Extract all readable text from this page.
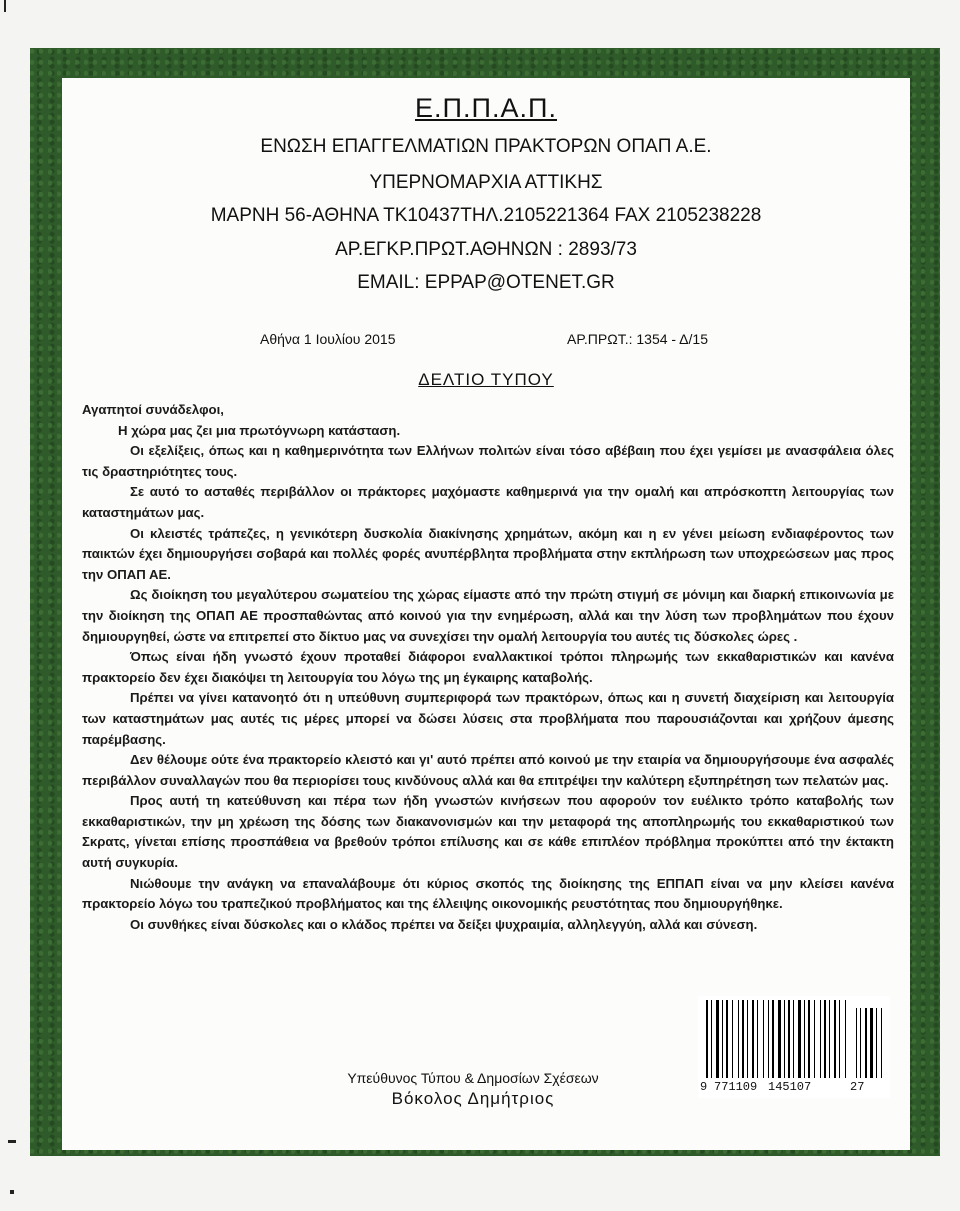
Ε.Π.Π.Α.Π.
ΕΝΩΣΗ ΕΠΑΓΓΕΛΜΑΤΙΩΝ ΠΡΑΚΤΟΡΩΝ ΟΠΑΠ Α.Ε.
ΥΠΕΡΝΟΜΑΡΧΙΑ ΑΤΤΙΚΗΣ
ΜΑΡΝΗ 56-ΑΘΗΝΑ ΤΚ10437ΤΗΛ.2105221364 FAX 2105238228
ΑΡ.ΕΓΚΡ.ΠΡΩΤ.ΑΘΗΝΩΝ : 2893/73
EMAIL: EPPAP@OTENET.GR
Αθήνα 1 Ιουλίου 2015	ΑΡ.ΠΡΩΤ.: 1354 - Δ/15
ΔΕΛΤΙΟ ΤΥΠΟΥ

Αγαπητοί συνάδελφοι,

Η χώρα μας ζει μια πρωτόγνωρη κατάσταση.

Οι εξελίξεις, όπως και η καθημερινότητα των Ελλήνων πολιτών είναι τόσο αβέβαιη που έχει γεμίσει με ανασφάλεια όλες τις δραστηριότητες τους.

Σε αυτό το ασταθές περιβάλλον οι πράκτορες μαχόμαστε καθημερινά για την ομαλή και απρόσκοπτη λειτουργίας των καταστημάτων μας.

Οι κλειστές τράπεζες, η γενικότερη δυσκολία διακίνησης χρημάτων, ακόμη και η εν γένει μείωση ενδιαφέροντος των παικτών έχει δημιουργήσει σοβαρά και πολλές φορές ανυπέρβλητα προβλήματα στην εκπλήρωση των υποχρεώσεων μας προς την ΟΠΑΠ ΑΕ.

Ως διοίκηση του μεγαλύτερου σωματείου της χώρας είμαστε από την πρώτη στιγμή σε μόνιμη και διαρκή επικοινωνία με την διοίκηση της ΟΠΑΠ ΑΕ προσπαθώντας από κοινού για την ενημέρωση, αλλά και την λύση των προβλημάτων που έχουν δημιουργηθεί, ώστε να επιτρεπεί στο δίκτυο μας να συνεχίσει την ομαλή λειτουργία του αυτές τις δύσκολες ώρες .

Όπως είναι ήδη γνωστό έχουν προταθεί διάφοροι εναλλακτικοί τρόποι πληρωμής των εκκαθαριστικών και κανένα πρακτορείο δεν έχει διακόψει τη λειτουργία του λόγω της μη έγκαιρης καταβολής.

Πρέπει να γίνει κατανοητό ότι η υπεύθυνη συμπεριφορά των πρακτόρων, όπως και η συνετή διαχείριση και λειτουργία των καταστημάτων μας αυτές τις μέρες μπορεί να δώσει λύσεις στα προβλήματα που παρουσιάζονται και χρήζουν άμεσης παρέμβασης.

Δεν θέλουμε ούτε ένα πρακτορείο κλειστό και γι' αυτό πρέπει από κοινού με την εταιρία να δημιουργήσουμε ένα ασφαλές περιβάλλον συναλλαγών που θα περιορίσει τους κινδύνους αλλά και θα επιτρέψει την καλύτερη εξυπηρέτηση των πελατών μας.

Προς αυτή τη κατεύθυνση και πέρα των ήδη γνωστών κινήσεων που αφορούν τον ευέλικτο τρόπο καταβολής των εκκαθαριστικών, την μη χρέωση της δόσης των διακανονισμών και την μεταφορά της αποπληρωμής του εκκαθαριστικού των Σκρατς, γίνεται επίσης προσπάθεια να βρεθούν τρόποι επίλυσης και σε κάθε επιπλέον πρόβλημα προκύπτει από την έκτακτη αυτή συγκυρία.

Νιώθουμε την ανάγκη να επαναλάβουμε ότι κύριος σκοπός της διοίκησης της ΕΠΠΑΠ είναι να μην κλείσει κανένα πρακτορείο λόγω του τραπεζικού προβλήματος και της έλλειψης οικονομικής ρευστότητας που δημιουργήθηκε.

Οι συνθήκες είναι δύσκολες και ο κλάδος πρέπει να δείξει ψυχραιμία, αλληλεγγύη, αλλά και σύνεση.

9 771109 145107	27
Υπεύθυνος Τύπου & Δημοσίων Σχέσεων
Βόκολος Δημήτριος
